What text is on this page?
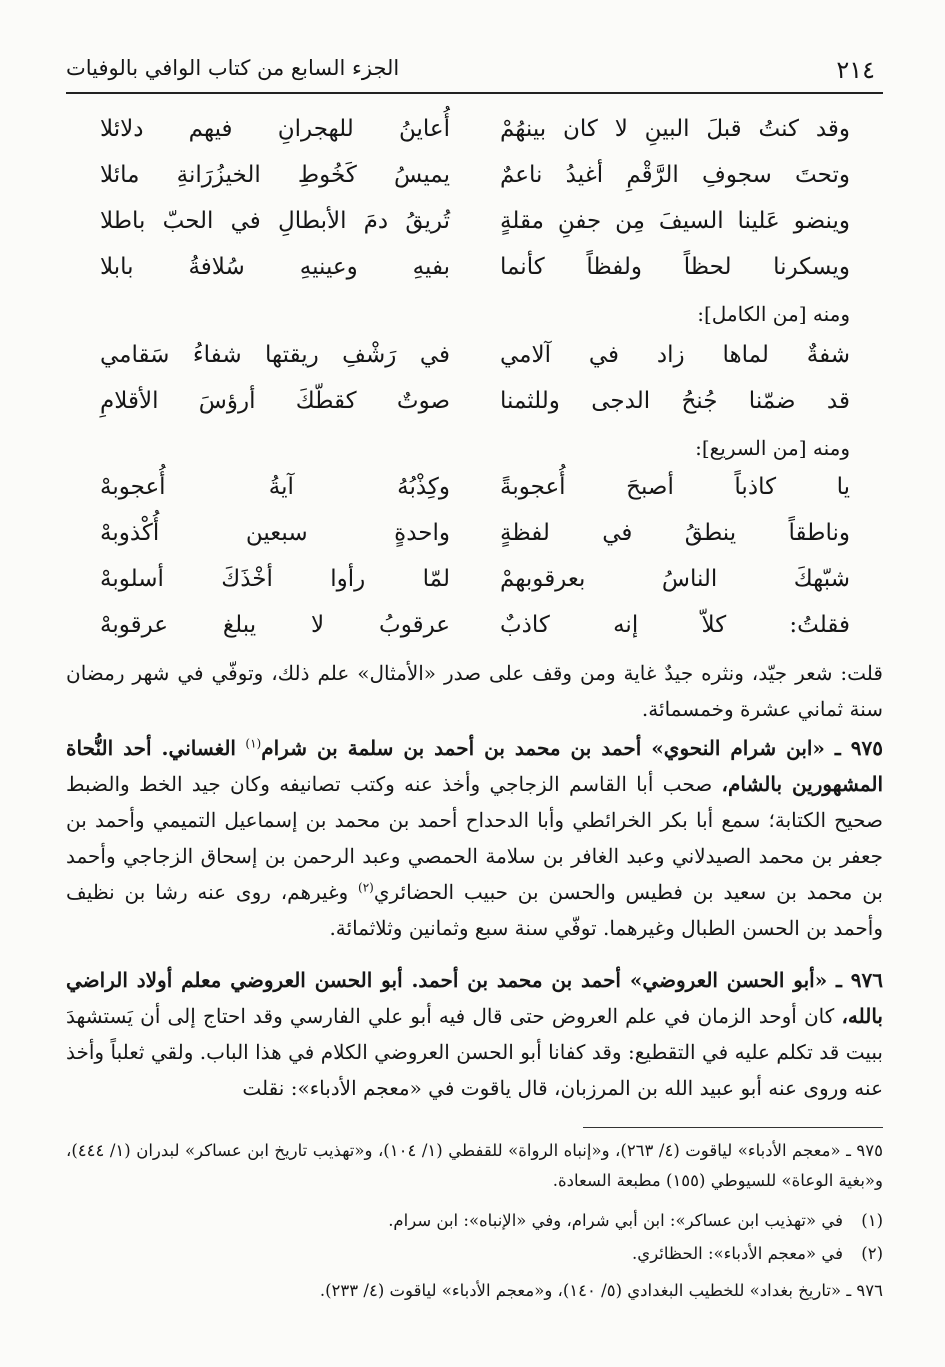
٢١٤
الجزء السابع من كتاب الوافي بالوفيات
وقد كنتُ قبلَ البينِ لا كان بينهُمْ
أُعاينُ للهجرانِ فيهم دلائلا
وتحتَ سجوفِ الرَّقْمِ أغيدُ ناعمٌ
يميسُ كَخُوطِ الخيزُرَانةِ مائلا
وينضو عَلينا السيفَ مِن جفنِ مقلةٍ
تُريقُ دمَ الأبطالِ في الحبّ باطلا
ويسكرنا لحظاً ولفظاً كأنما
بفيهِ وعينيهِ سُلافةُ بابلا
ومنه [من الكامل]:
شفةٌ لماها زاد في آلامي
في رَشْفِ ريقتها شفاءُ سَقامي
قد ضمّنا جُنحُ الدجى وللثمنا
صوتٌ كقطّكَ أرؤسَ الأقلامِ
ومنه [من السريع]:
يا كاذباً أصبحَ أُعجوبةً
وكِذْبُهُ آيةُ أُعجوبهْ
وناطقاً ينطقُ في لفظةٍ
واحدةٍ سبعين أُكْذوبهْ
شبّهكَ الناسُ بعرقوبهمْ
لمّا رأوا أخْذَكَ أسلوبهْ
فقلتُ: كلاّ إنه كاذبٌ
عرقوبُ لا يبلغ عرقوبهْ
قلت: شعر جيّد، ونثره جيدٌ غاية ومن وقف على صدر «الأمثال» علم ذلك، وتوفّي في شهر رمضان سنة ثماني عشرة وخمسمائة.
٩٧٥ ـ «ابن شرام النحوي» أحمد بن محمد بن أحمد بن سلمة بن شرام$^{(١)}$ الغساني. أحد النُّحاة المشهورين بالشام، صحب أبا القاسم الزجاجي وأخذ عنه وكتب تصانيفه وكان جيد الخط والضبط صحيح الكتابة؛ سمع أبا بكر الخرائطي وأبا الدحداح أحمد بن محمد بن إسماعيل التميمي وأحمد بن جعفر بن محمد الصيدلاني وعبد الغافر بن سلامة الحمصي وعبد الرحمن بن إسحاق الزجاجي وأحمد بن محمد بن سعيد بن فطيس والحسن بن حبيب الحضائري$^{(٢)}$ وغيرهم، روى عنه رشا بن نظيف وأحمد بن الحسن الطبال وغيرهما. توفّي سنة سبع وثمانين وثلاثمائة.
٩٧٦ ـ «أبو الحسن العروضي» أحمد بن محمد بن أحمد. أبو الحسن العروضي معلم أولاد الراضي بالله، كان أوحد الزمان في علم العروض حتى قال فيه أبو علي الفارسي وقد احتاج إلى أن يَستشهدَ ببيت قد تكلم عليه في التقطيع: وقد كفانا أبو الحسن العروضي الكلام في هذا الباب. ولقي ثعلباً وأخذ عنه وروى عنه أبو عبيد الله بن المرزبان، قال ياقوت في «معجم الأدباء»: نقلت
٩٧٥ ـ «معجم الأدباء» لياقوت (٤/ ٢٦٣)، و«إنباه الرواة» للقفطي (١/ ١٠٤)، و«تهذيب تاريخ ابن عساكر» لبدران (١/ ٤٤٤)، و«بغية الوعاة» للسيوطي (١٥٥) مطبعة السعادة.
(١)في «تهذيب ابن عساكر»: ابن أبي شرام، وفي «الإنباه»: ابن سرام.
(٢)في «معجم الأدباء»: الحظائري.
٩٧٦ ـ «تاريخ بغداد» للخطيب البغدادي (٥/ ١٤٠)، و«معجم الأدباء» لياقوت (٤/ ٢٣٣).
